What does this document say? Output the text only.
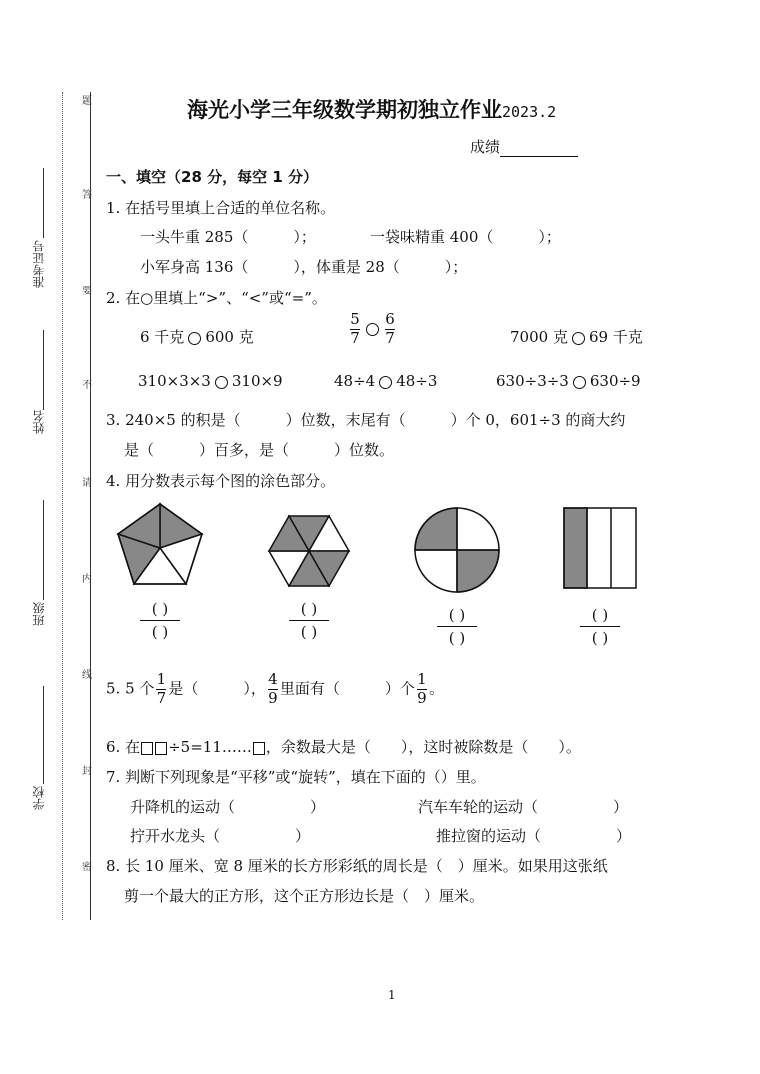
题
答
要
不
请
内
线
封
密
准考证号
姓名
班级
学校
海光小学三年级数学期初独立作业2023.2
成绩
一、填空（28 分，每空 1 分）
1. 在括号里填上合适的单位名称。
一头牛重 285（　　　）；	一袋味精重 400（　　　）；
小军身高 136（　　　），体重是 28（　　　）；
2. 在○里填上“>”、“<”或“=”。
6 千克 600 克	$\frac{5}{7} \frac{6}{7}$	7000 克 69 千克
310×3×3 310×9	48÷4 48÷3	630÷3÷3 630÷9
3. 240×5 的积是（　　　）位数，末尾有（　　　）个 0，601÷3 的商大约
是（　　　）百多，是（　　　）位数。
4. 用分数表示每个图的涂色部分。
( )
( )
( )
( )
( )
( )
( )
( )
5. 5 个 $\frac{1}{7}$ 是（　　　）， $\frac{4}{9}$ 里面有（　　　）个 $\frac{1}{9}$ 。
6. 在 ÷5=11…… ，余数最大是（　　），这时被除数是（　　）。
7. 判断下列现象是“平移”或“旋转”，填在下面的（）里。
升降机的运动（　　　　　）	汽车车轮的运动（　　　　　）
拧开水龙头（　　　　　）	推拉窗的运动（　　　　　）
8. 长 10 厘米、宽 8 厘米的长方形彩纸的周长是（　）厘米。如果用这张纸
剪一个最大的正方形，这个正方形边长是（　）厘米。
1
